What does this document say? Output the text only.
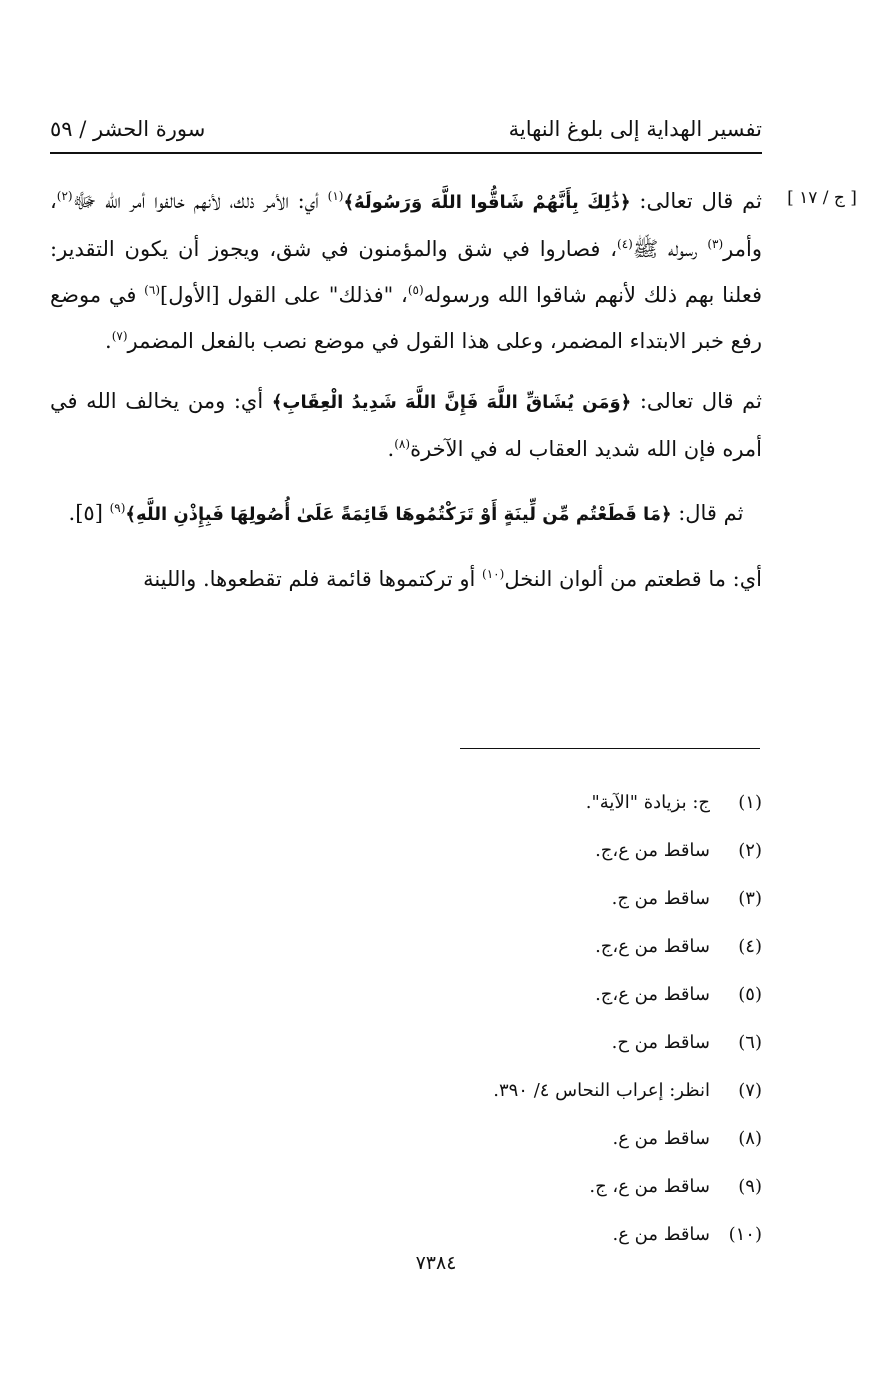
تفسير الهداية إلى بلوغ النهاية
سورة الحشر / ٥٩
[ ج / ١٧ ]

ثم قال تعالى: ﴿ذَٰلِكَ بِأَنَّهُمْ شَاقُّوا اللَّهَ وَرَسُولَهُ﴾$^{(١)}$ أي: الأمر ذلك، لأنهم خالفوا أمر الله ﷻ$^{(٢)}$، وأمر$^{(٣)}$ رسوله ﷺ$^{(٤)}$، فصاروا في شق والمؤمنون في شق، ويجوز أن يكون التقدير: فعلنا بهم ذلك لأنهم شاقوا الله ورسوله$^{(٥)}$، "فذلك" على القول [الأول]$^{(٦)}$ في موضع رفع خبر الابتداء المضمر، وعلى هذا القول في موضع نصب بالفعل المضمر$^{(٧)}$.

ثم قال تعالى: ﴿وَمَن يُشَاقِّ اللَّهَ فَإِنَّ اللَّهَ شَدِيدُ الْعِقَابِ﴾ أي: ومن يخالف الله في أمره فإن الله شديد العقاب له في الآخرة$^{(٨)}$.

ثم قال: ﴿مَا قَطَعْتُم مِّن لِّينَةٍ أَوْ تَرَكْتُمُوهَا قَائِمَةً عَلَىٰ أُصُولِهَا فَبِإِذْنِ اللَّهِ﴾$^{(٩)}$ [٥].

أي: ما قطعتم من ألوان النخل$^{(١٠)}$ أو تركتموها قائمة فلم تقطعوها. واللينة

(١)
ج: بزيادة "الآية".
(٢)
ساقط من ع،ج.
(٣)
ساقط من ج.
(٤)
ساقط من ع،ج.
(٥)
ساقط من ع،ج.
(٦)
ساقط من ح.
(٧)
انظر: إعراب النحاس ٤/ ٣٩٠.
(٨)
ساقط من ع.
(٩)
ساقط من ع، ج.
(١٠)
ساقط من ع.
٧٣٨٤
